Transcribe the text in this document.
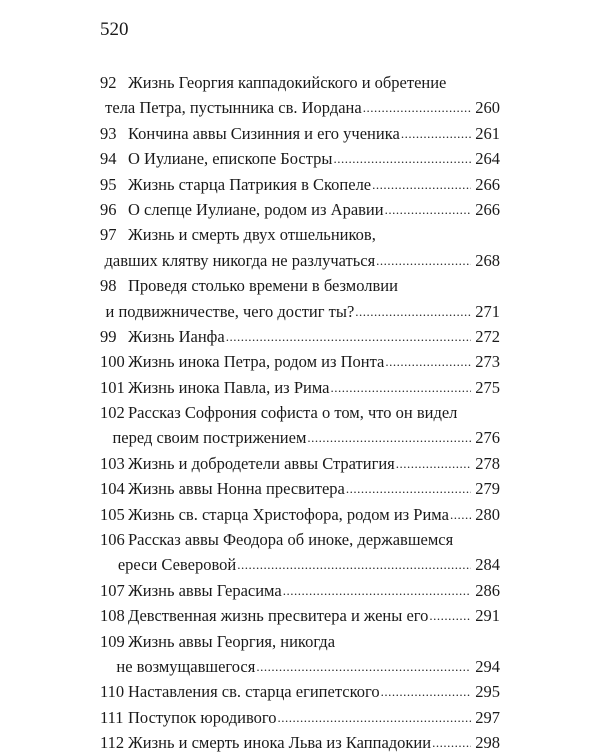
520
92 Жизнь Георгия каппадокийского и обретение
тела Петра, пустынника св. Иордана .....	260
93 Кончина аввы Сизинния и его ученика .....	261
94 О Иулиане, епископе Бостры .....	264
95 Жизнь старца Патрикия в Скопеле .....	266
96 О слепце Иулиане, родом из Аравии .....	266
97 Жизнь и смерть двух отшельников,
давших клятву никогда не разлучаться .....	268
98 Проведя столько времени в безмолвии
и подвижничестве, чего достиг ты? .....	271
99 Жизнь Ианфа .....	272
100 Жизнь инока Петра, родом из Понта .....	273
101 Жизнь инока Павла, из Рима .....	275
102 Рассказ Софрония софиста о том, что он видел
перед своим пострижением .....	276
103 Жизнь и добродетели аввы Стратигия .....	278
104 Жизнь аввы Нонна пресвитера .....	279
105 Жизнь св. старца Христофора, родом из Рима ..... 280
106 Рассказ аввы Феодора об иноке, державшемся
ереси Северовой .....	284
107 Жизнь аввы Герасима .....	286
108 Девственная жизнь пресвитера и жены его .....	291
109 Жизнь аввы Георгия, никогда
не возмущавшегося .....	294
110 Наставления св. старца египетского .....	295
111 Поступок юродивого .....	297
112 Жизнь и смерть инока Льва из Каппадокии .....	298
